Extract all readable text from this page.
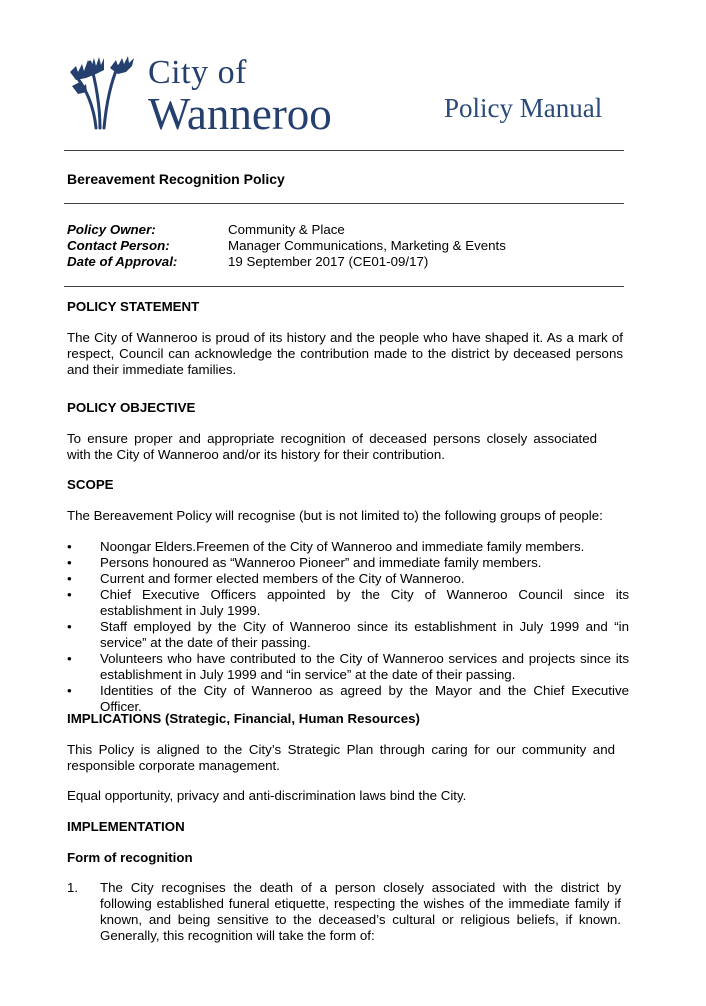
City of
Wanneroo	Policy Manual
Bereavement Recognition Policy
Policy Owner:	Community & Place
Contact Person:	Manager Communications, Marketing & Events
Date of Approval:	19 September 2017 (CE01-09/17)
POLICY STATEMENT
The City of Wanneroo is proud of its history and the people who have shaped it. As a mark of respect, Council can acknowledge the contribution made to the district by deceased persons and their immediate families.
POLICY OBJECTIVE
To ensure proper and appropriate recognition of deceased persons closely associated with the City of Wanneroo and/or its history for their contribution.
SCOPE
The Bereavement Policy will recognise (but is not limited to) the following groups of people:
•	Noongar Elders.Freemen of the City of Wanneroo and immediate family members.
•	Persons honoured as “Wanneroo Pioneer” and immediate family members.
•	Current and former elected members of the City of Wanneroo.
•	Chief Executive Officers appointed by the City of Wanneroo Council since its establishment in July 1999.
•	Staff employed by the City of Wanneroo since its establishment in July 1999 and “in service” at the date of their passing.
•	Volunteers who have contributed to the City of Wanneroo services and projects since its establishment in July 1999 and “in service” at the date of their passing.
•	Identities of the City of Wanneroo as agreed by the Mayor and the Chief Executive Officer.
IMPLICATIONS (Strategic, Financial, Human Resources)
This Policy is aligned to the City’s Strategic Plan through caring for our community and responsible corporate management.
Equal opportunity, privacy and anti-discrimination laws bind the City.
IMPLEMENTATION
Form of recognition
1.	The City recognises the death of a person closely associated with the district by following established funeral etiquette, respecting the wishes of the immediate family if known, and being sensitive to the deceased’s cultural or religious beliefs, if known. Generally, this recognition will take the form of:
